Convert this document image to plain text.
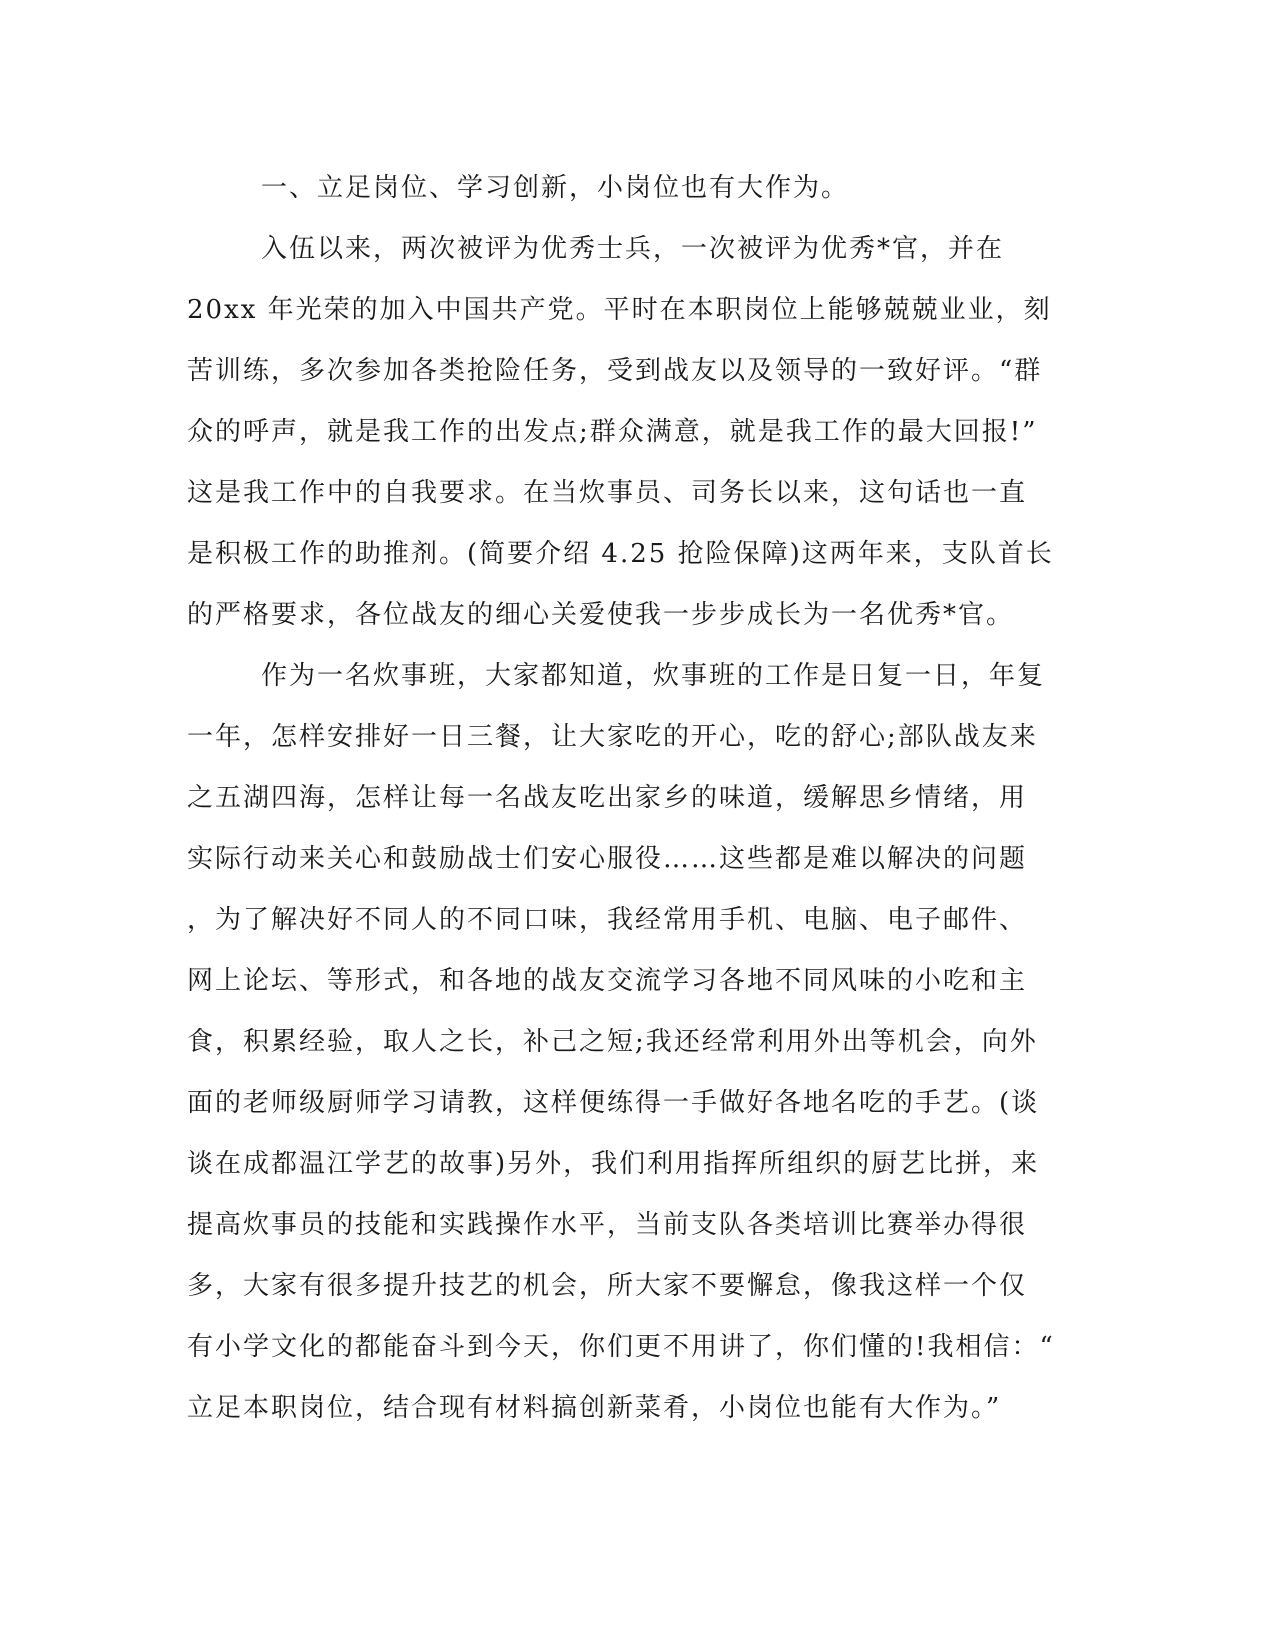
一、立足岗位、学习创新，小岗位也有大作为。
入伍以来，两次被评为优秀士兵，一次被评为优秀*官，并在
20xx 年光荣的加入中国共产党。平时在本职岗位上能够兢兢业业，刻
苦训练，多次参加各类抢险任务，受到战友以及领导的一致好评。“群
众的呼声，就是我工作的出发点;群众满意，就是我工作的最大回报!”
这是我工作中的自我要求。在当炊事员、司务长以来，这句话也一直
是积极工作的助推剂。(简要介绍 4.25 抢险保障)这两年来，支队首长
的严格要求，各位战友的细心关爱使我一步步成长为一名优秀*官。
作为一名炊事班，大家都知道，炊事班的工作是日复一日，年复
一年，怎样安排好一日三餐，让大家吃的开心，吃的舒心;部队战友来
之五湖四海，怎样让每一名战友吃出家乡的味道，缓解思乡情绪，用
实际行动来关心和鼓励战士们安心服役……这些都是难以解决的问题
，为了解决好不同人的不同口味，我经常用手机、电脑、电子邮件、
网上论坛、等形式，和各地的战友交流学习各地不同风味的小吃和主
食，积累经验，取人之长，补己之短;我还经常利用外出等机会，向外
面的老师级厨师学习请教，这样便练得一手做好各地名吃的手艺。(谈
谈在成都温江学艺的故事)另外，我们利用指挥所组织的厨艺比拼，来
提高炊事员的技能和实践操作水平，当前支队各类培训比赛举办得很
多，大家有很多提升技艺的机会，所大家不要懈怠，像我这样一个仅
有小学文化的都能奋斗到今天，你们更不用讲了，你们懂的!我相信：“
立足本职岗位，结合现有材料搞创新菜肴，小岗位也能有大作为。”
